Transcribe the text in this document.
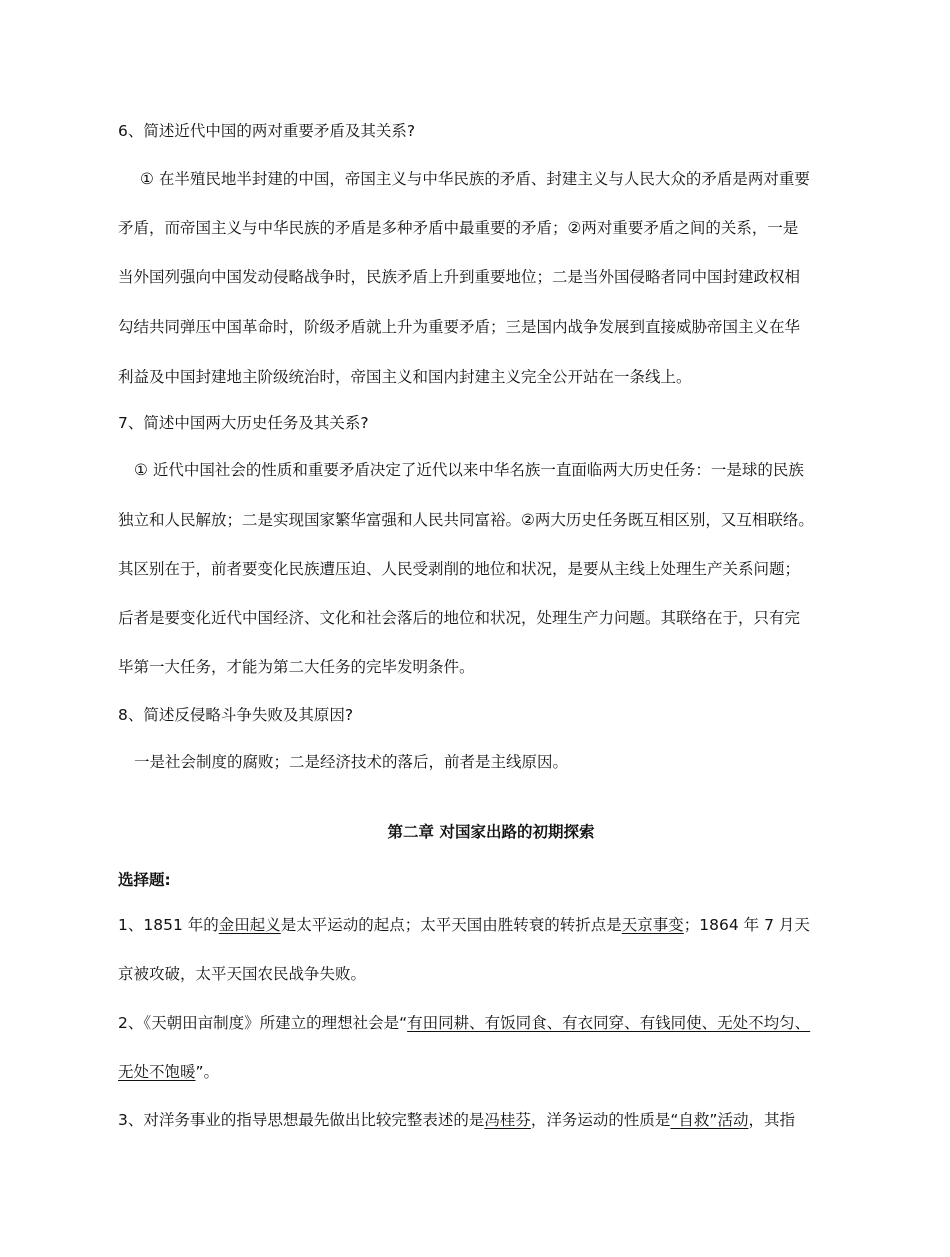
6、简述近代中国的两对重要矛盾及其关系?
① 在半殖民地半封建的中国，帝国主义与中华民族的矛盾、封建主义与人民大众的矛盾是两对重要
矛盾，而帝国主义与中华民族的矛盾是多种矛盾中最重要的矛盾；②两对重要矛盾之间的关系，一是
当外国列强向中国发动侵略战争时，民族矛盾上升到重要地位；二是当外国侵略者同中国封建政权相
勾结共同弹压中国革命时，阶级矛盾就上升为重要矛盾；三是国内战争发展到直接威胁帝国主义在华
利益及中国封建地主阶级统治时，帝国主义和国内封建主义完全公开站在一条线上。
7、简述中国两大历史任务及其关系?
① 近代中国社会的性质和重要矛盾决定了近代以来中华名族一直面临两大历史任务：一是球的民族
独立和人民解放；二是实现国家繁华富强和人民共同富裕。②两大历史任务既互相区别，又互相联络。
其区别在于，前者要变化民族遭压迫、人民受剥削的地位和状况，是要从主线上处理生产关系问题；
后者是要变化近代中国经济、文化和社会落后的地位和状况，处理生产力问题。其联络在于，只有完
毕第一大任务，才能为第二大任务的完毕发明条件。
8、简述反侵略斗争失败及其原因?
一是社会制度的腐败；二是经济技术的落后，前者是主线原因。
第二章 对国家出路的初期探索
选择题:
1、1851 年的金田起义是太平运动的起点；太平天国由胜转衰的转折点是天京事变；1864 年 7 月天
京被攻破，太平天国农民战争失败。
2、《天朝田亩制度》所建立的理想社会是“有田同耕、有饭同食、有衣同穿、有钱同使、无处不均匀、
无处不饱暖”。
3、对洋务事业的指导思想最先做出比较完整表述的是冯桂芬，洋务运动的性质是“自救”活动，其指
